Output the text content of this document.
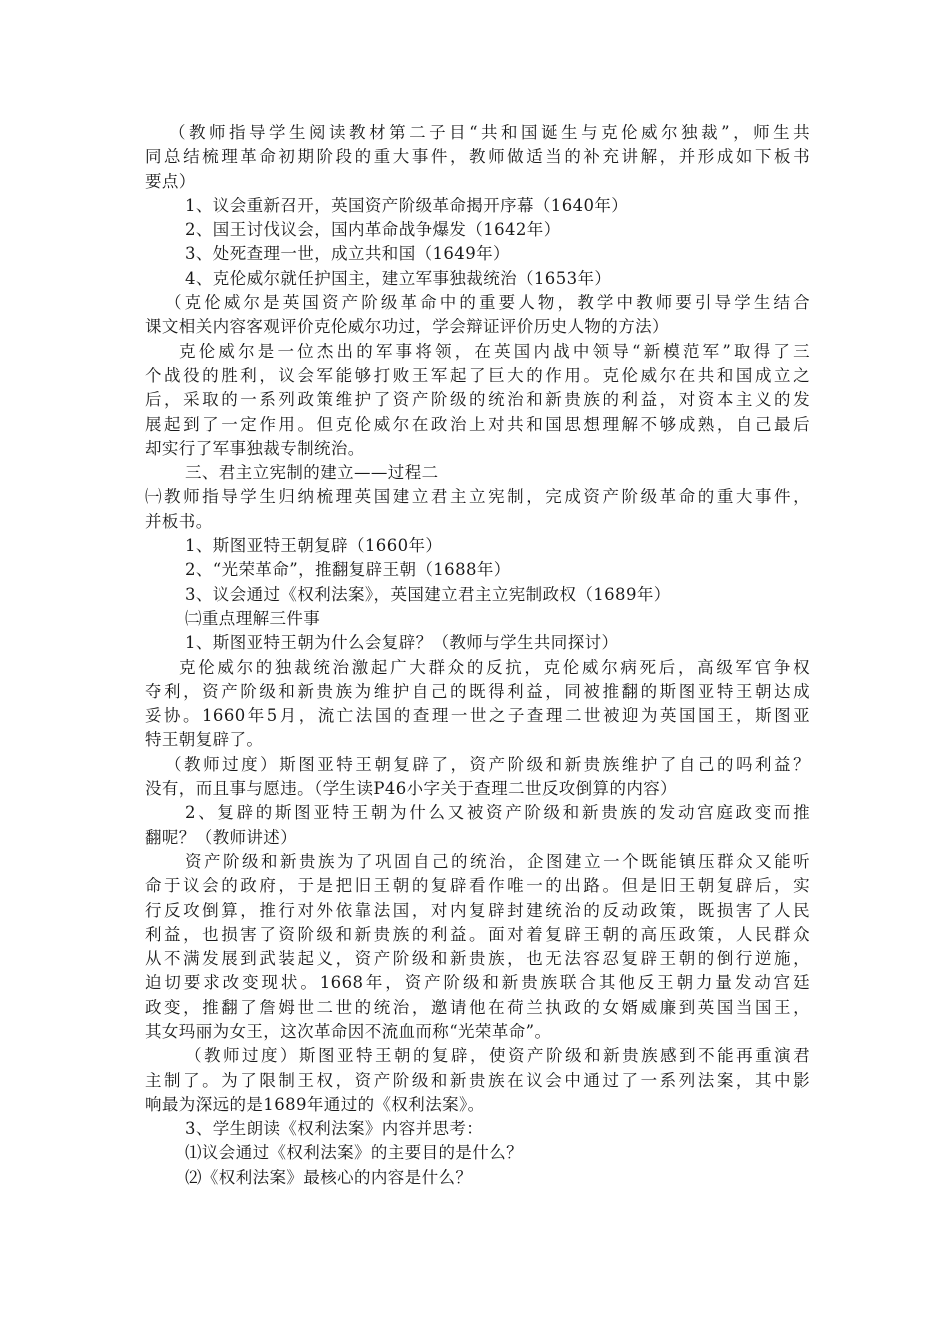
（教师指导学生阅读教材第二子目“共和国诞生与克伦威尔独裁”，师生共
同总结梳理革命初期阶段的重大事件，教师做适当的补充讲解，并形成如下板书
要点）
1、议会重新召开，英国资产阶级革命揭开序幕（1640年）
2、国王讨伐议会，国内革命战争爆发（1642年）
3、处死查理一世，成立共和国（1649年）
4、克伦威尔就任护国主，建立军事独裁统治（1653年）
（克伦威尔是英国资产阶级革命中的重要人物，教学中教师要引导学生结合
课文相关内容客观评价克伦威尔功过，学会辩证评价历史人物的方法）
克伦威尔是一位杰出的军事将领，在英国内战中领导“新模范军”取得了三
个战役的胜利，议会军能够打败王军起了巨大的作用。克伦威尔在共和国成立之
后，采取的一系列政策维护了资产阶级的统治和新贵族的利益，对资本主义的发
展起到了一定作用。但克伦威尔在政治上对共和国思想理解不够成熟，自己最后
却实行了军事独裁专制统治。
三、君主立宪制的建立——过程二
㈠教师指导学生归纳梳理英国建立君主立宪制，完成资产阶级革命的重大事件，
并板书。
1、斯图亚特王朝复辟（1660年）
2、“光荣革命”，推翻复辟王朝（1688年）
3、议会通过《权利法案》，英国建立君主立宪制政权（1689年）
㈡重点理解三件事
1、斯图亚特王朝为什么会复辟？（教师与学生共同探讨）
克伦威尔的独裁统治激起广大群众的反抗，克伦威尔病死后，高级军官争权
夺利，资产阶级和新贵族为维护自己的既得利益，同被推翻的斯图亚特王朝达成
妥协。1660年5月，流亡法国的查理一世之子查理二世被迎为英国国王，斯图亚
特王朝复辟了。
（教师过度）斯图亚特王朝复辟了，资产阶级和新贵族维护了自己的吗利益？
没有，而且事与愿违。（学生读P46小字关于查理二世反攻倒算的内容）
2、复辟的斯图亚特王朝为什么又被资产阶级和新贵族的发动宫庭政变而推
翻呢？（教师讲述）
资产阶级和新贵族为了巩固自己的统治，企图建立一个既能镇压群众又能听
命于议会的政府，于是把旧王朝的复辟看作唯一的出路。但是旧王朝复辟后，实
行反攻倒算，推行对外依靠法国，对内复辟封建统治的反动政策，既损害了人民
利益，也损害了资阶级和新贵族的利益。面对着复辟王朝的高压政策，人民群众
从不满发展到武装起义，资产阶级和新贵族，也无法容忍复辟王朝的倒行逆施，
迫切要求改变现状。1668年，资产阶级和新贵族联合其他反王朝力量发动宫廷
政变，推翻了詹姆世二世的统治，邀请他在荷兰执政的女婿威廉到英国当国王，
其女玛丽为女王，这次革命因不流血而称“光荣革命”。
（教师过度）斯图亚特王朝的复辟，使资产阶级和新贵族感到不能再重演君
主制了。为了限制王权，资产阶级和新贵族在议会中通过了一系列法案，其中影
响最为深远的是1689年通过的《权利法案》。
3、学生朗读《权利法案》内容并思考：
⑴议会通过《权利法案》的主要目的是什么？
⑵《权利法案》最核心的内容是什么？
